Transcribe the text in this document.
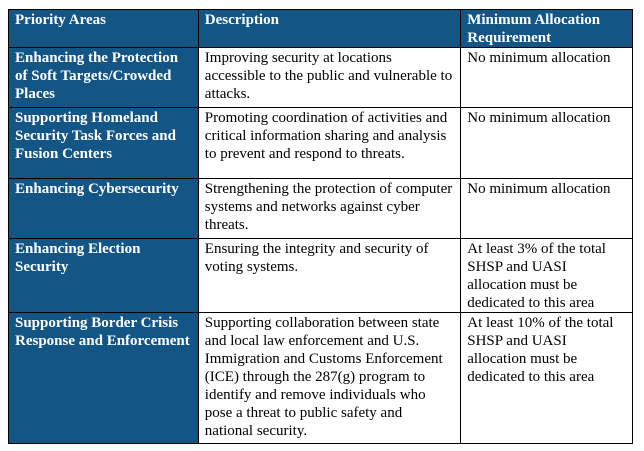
Priority Areas	Description	Minimum Allocation Requirement
Enhancing the Protection of Soft Targets/Crowded Places	Improving security at locations accessible to the public and vulnerable to attacks.	No minimum allocation
Supporting Homeland Security Task Forces and Fusion Centers	Promoting coordination of activities and critical information sharing and analysis to prevent and respond to threats.	No minimum allocation
Enhancing Cybersecurity	Strengthening the protection of computer systems and networks against cyber threats.	No minimum allocation
Enhancing Election Security	Ensuring the integrity and security of voting systems.	At least 3% of the total SHSP and UASI allocation must be dedicated to this area
Supporting Border Crisis Response and Enforcement	Supporting collaboration between state and local law enforcement and U.S. Immigration and Customs Enforcement (ICE) through the 287(g) program to identify and remove individuals who pose a threat to public safety and national security.	At least 10% of the total SHSP and UASI allocation must be dedicated to this area
